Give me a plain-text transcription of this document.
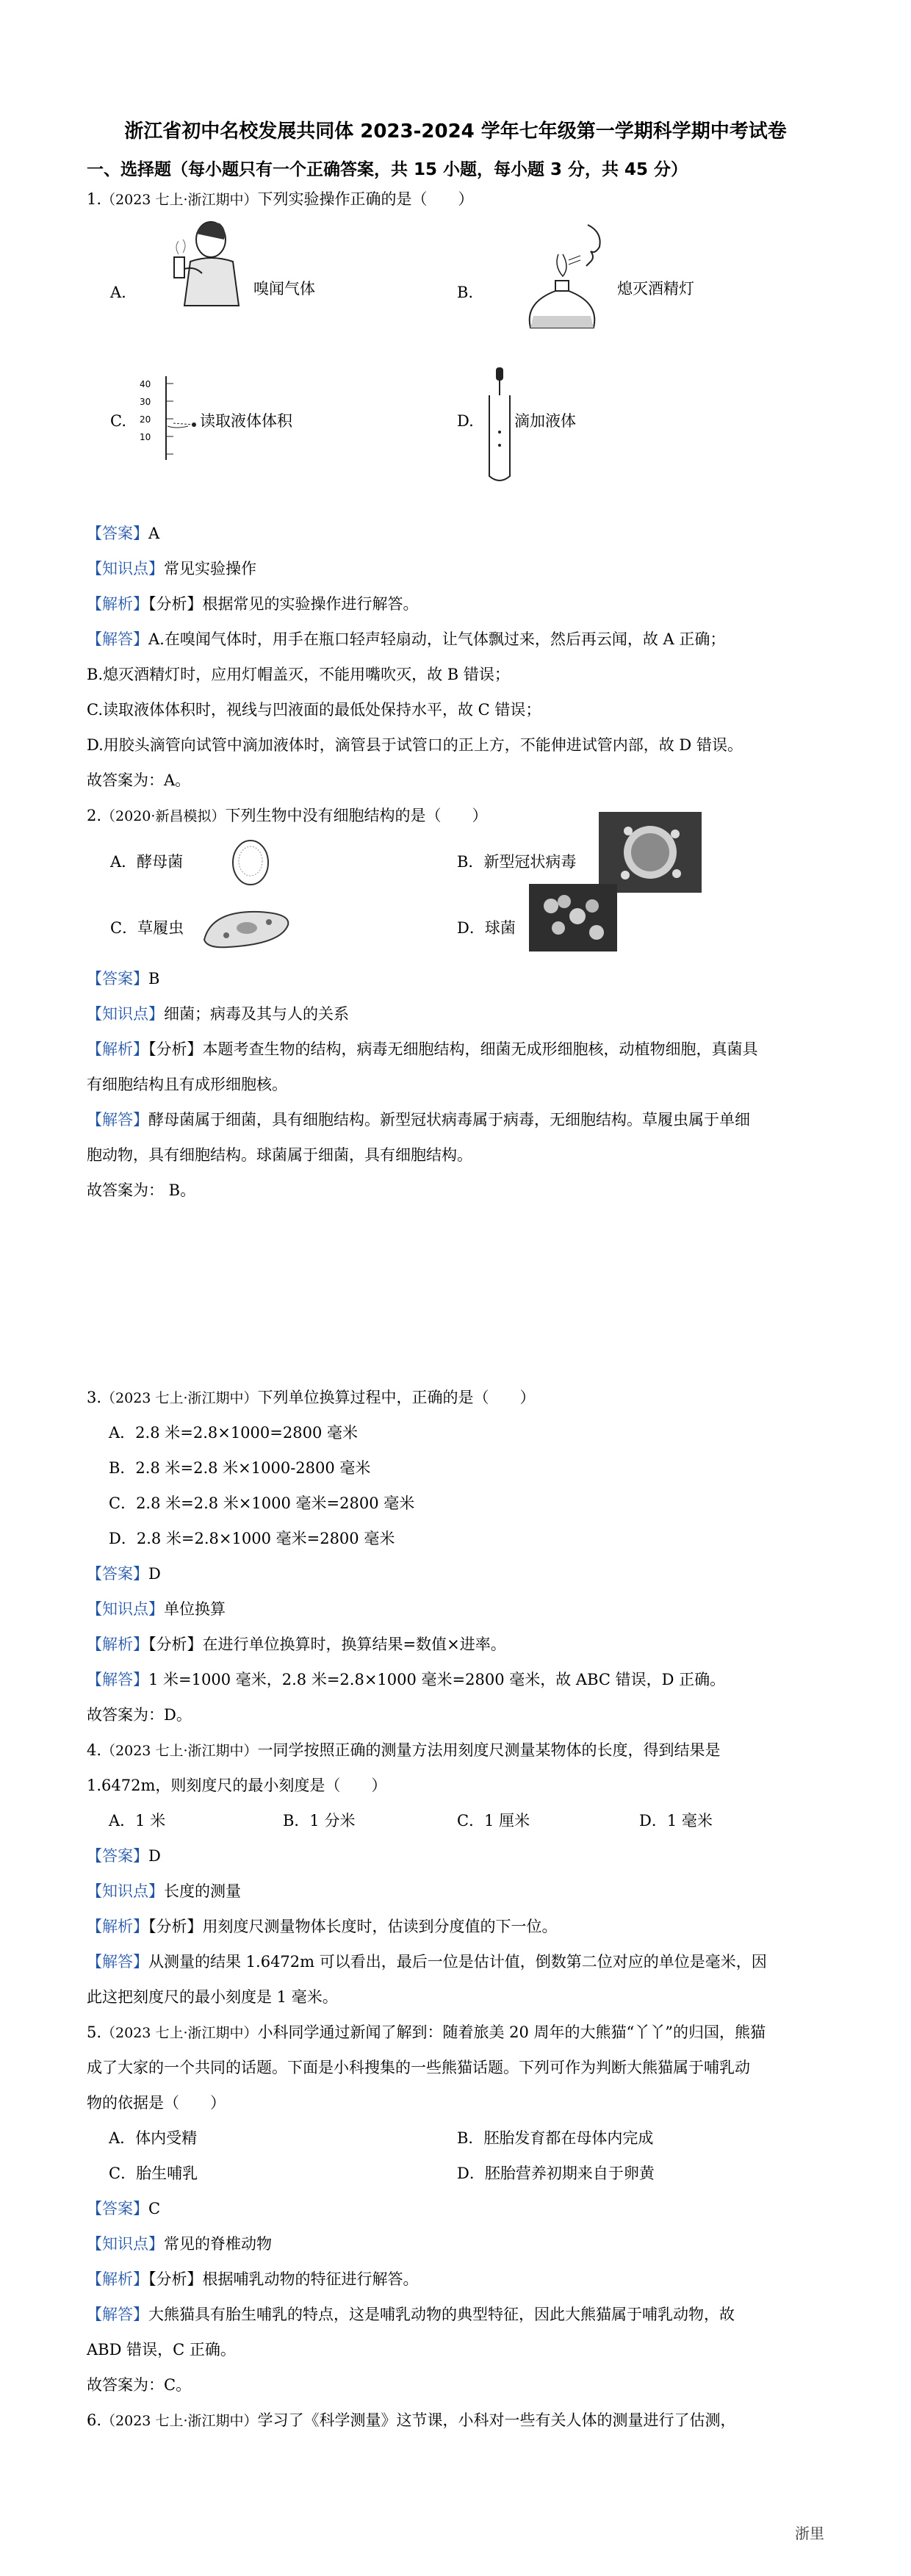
浙江省初中名校发展共同体 2023-2024 学年七年级第一学期科学期中考试卷
一、选择题（每小题只有一个正确答案，共 15 小题，每小题 3 分，共 45 分）
1.（2023 七上·浙江期中）下列实验操作正确的是（　　）
A.	嗅闻气体	B.	熄灭酒精灯
40
30
20
10
C.	读取液体体积	D.	滴加液体
【答案】A
【知识点】常见实验操作
【解析】【分析】根据常见的实验操作进行解答。
【解答】A.在嗅闻气体时，用手在瓶口轻声轻扇动，让气体飘过来，然后再云闻，故 A 正确；
B.熄灭酒精灯时，应用灯帽盖灭，不能用嘴吹灭，故 B 错误；
C.读取液体体积时，视线与凹液面的最低处保持水平，故 C 错误；
D.用胶头滴管向试管中滴加液体时，滴管县于试管口的正上方，不能伸进试管内部，故 D 错误。
故答案为：A。
2.（2020·新昌模拟）下列生物中没有细胞结构的是（　　）
A．酵母菌	B．新型冠状病毒
C．草履虫	D．球菌
【答案】B
【知识点】细菌；病毒及其与人的关系
【解析】【分析】本题考查生物的结构，病毒无细胞结构，细菌无成形细胞核，动植物细胞，真菌具
有细胞结构且有成形细胞核。
【解答】酵母菌属于细菌，具有细胞结构。新型冠状病毒属于病毒，无细胞结构。草履虫属于单细
胞动物，具有细胞结构。球菌属于细菌，具有细胞结构。
故答案为： B。
3.（2023 七上·浙江期中）下列单位换算过程中，正确的是（　　）
A．2.8 米=2.8×1000=2800 毫米
B．2.8 米=2.8 米×1000-2800 毫米
C．2.8 米=2.8 米×1000 毫米=2800 毫米
D．2.8 米=2.8×1000 毫米=2800 毫米
【答案】D
【知识点】单位换算
【解析】【分析】在进行单位换算时，换算结果=数值×进率。
【解答】1 米=1000 毫米，2.8 米=2.8×1000 毫米=2800 毫米，故 ABC 错误，D 正确。
故答案为：D。
4.（2023 七上·浙江期中）一同学按照正确的测量方法用刻度尺测量某物体的长度，得到结果是
1.6472m，则刻度尺的最小刻度是（　　）
A．1 米	B．1 分米	C．1 厘米	D．1 毫米
【答案】D
【知识点】长度的测量
【解析】【分析】用刻度尺测量物体长度时，估读到分度值的下一位。
【解答】从测量的结果 1.6472m 可以看出，最后一位是估计值，倒数第二位对应的单位是毫米，因
此这把刻度尺的最小刻度是 1 毫米。
5.（2023 七上·浙江期中）小科同学通过新闻了解到：随着旅美 20 周年的大熊猫“丫丫”的归国，熊猫
成了大家的一个共同的话题。下面是小科搜集的一些熊猫话题。下列可作为判断大熊猫属于哺乳动
物的依据是（　　）
A．体内受精	B．胚胎发育都在母体内完成
C．胎生哺乳	D．胚胎营养初期来自于卵黄
【答案】C
【知识点】常见的脊椎动物
【解析】【分析】根据哺乳动物的特征进行解答。
【解答】大熊猫具有胎生哺乳的特点，这是哺乳动物的典型特征，因此大熊猫属于哺乳动物，故
ABD 错误，C 正确。
故答案为：C。
6.（2023 七上·浙江期中）学习了《科学测量》这节课，小科对一些有关人体的测量进行了估测，
浙里
